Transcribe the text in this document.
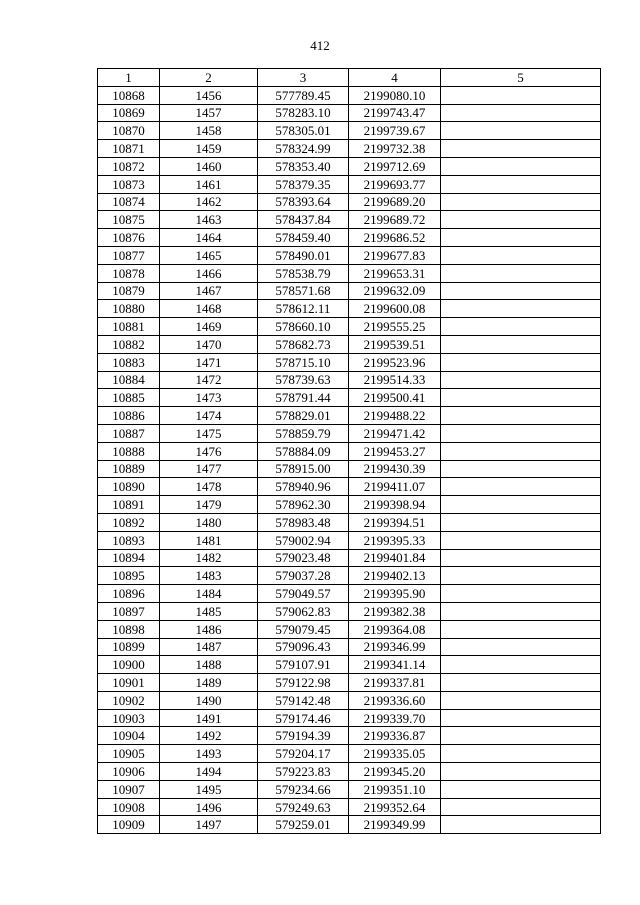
412
1	2	3	4	5
10868	1456	577789.45	2199080.10	
10869	1457	578283.10	2199743.47	
10870	1458	578305.01	2199739.67	
10871	1459	578324.99	2199732.38	
10872	1460	578353.40	2199712.69	
10873	1461	578379.35	2199693.77	
10874	1462	578393.64	2199689.20	
10875	1463	578437.84	2199689.72	
10876	1464	578459.40	2199686.52	
10877	1465	578490.01	2199677.83	
10878	1466	578538.79	2199653.31	
10879	1467	578571.68	2199632.09	
10880	1468	578612.11	2199600.08	
10881	1469	578660.10	2199555.25	
10882	1470	578682.73	2199539.51	
10883	1471	578715.10	2199523.96	
10884	1472	578739.63	2199514.33	
10885	1473	578791.44	2199500.41	
10886	1474	578829.01	2199488.22	
10887	1475	578859.79	2199471.42	
10888	1476	578884.09	2199453.27	
10889	1477	578915.00	2199430.39	
10890	1478	578940.96	2199411.07	
10891	1479	578962.30	2199398.94	
10892	1480	578983.48	2199394.51	
10893	1481	579002.94	2199395.33	
10894	1482	579023.48	2199401.84	
10895	1483	579037.28	2199402.13	
10896	1484	579049.57	2199395.90	
10897	1485	579062.83	2199382.38	
10898	1486	579079.45	2199364.08	
10899	1487	579096.43	2199346.99	
10900	1488	579107.91	2199341.14	
10901	1489	579122.98	2199337.81	
10902	1490	579142.48	2199336.60	
10903	1491	579174.46	2199339.70	
10904	1492	579194.39	2199336.87	
10905	1493	579204.17	2199335.05	
10906	1494	579223.83	2199345.20	
10907	1495	579234.66	2199351.10	
10908	1496	579249.63	2199352.64	
10909	1497	579259.01	2199349.99	
